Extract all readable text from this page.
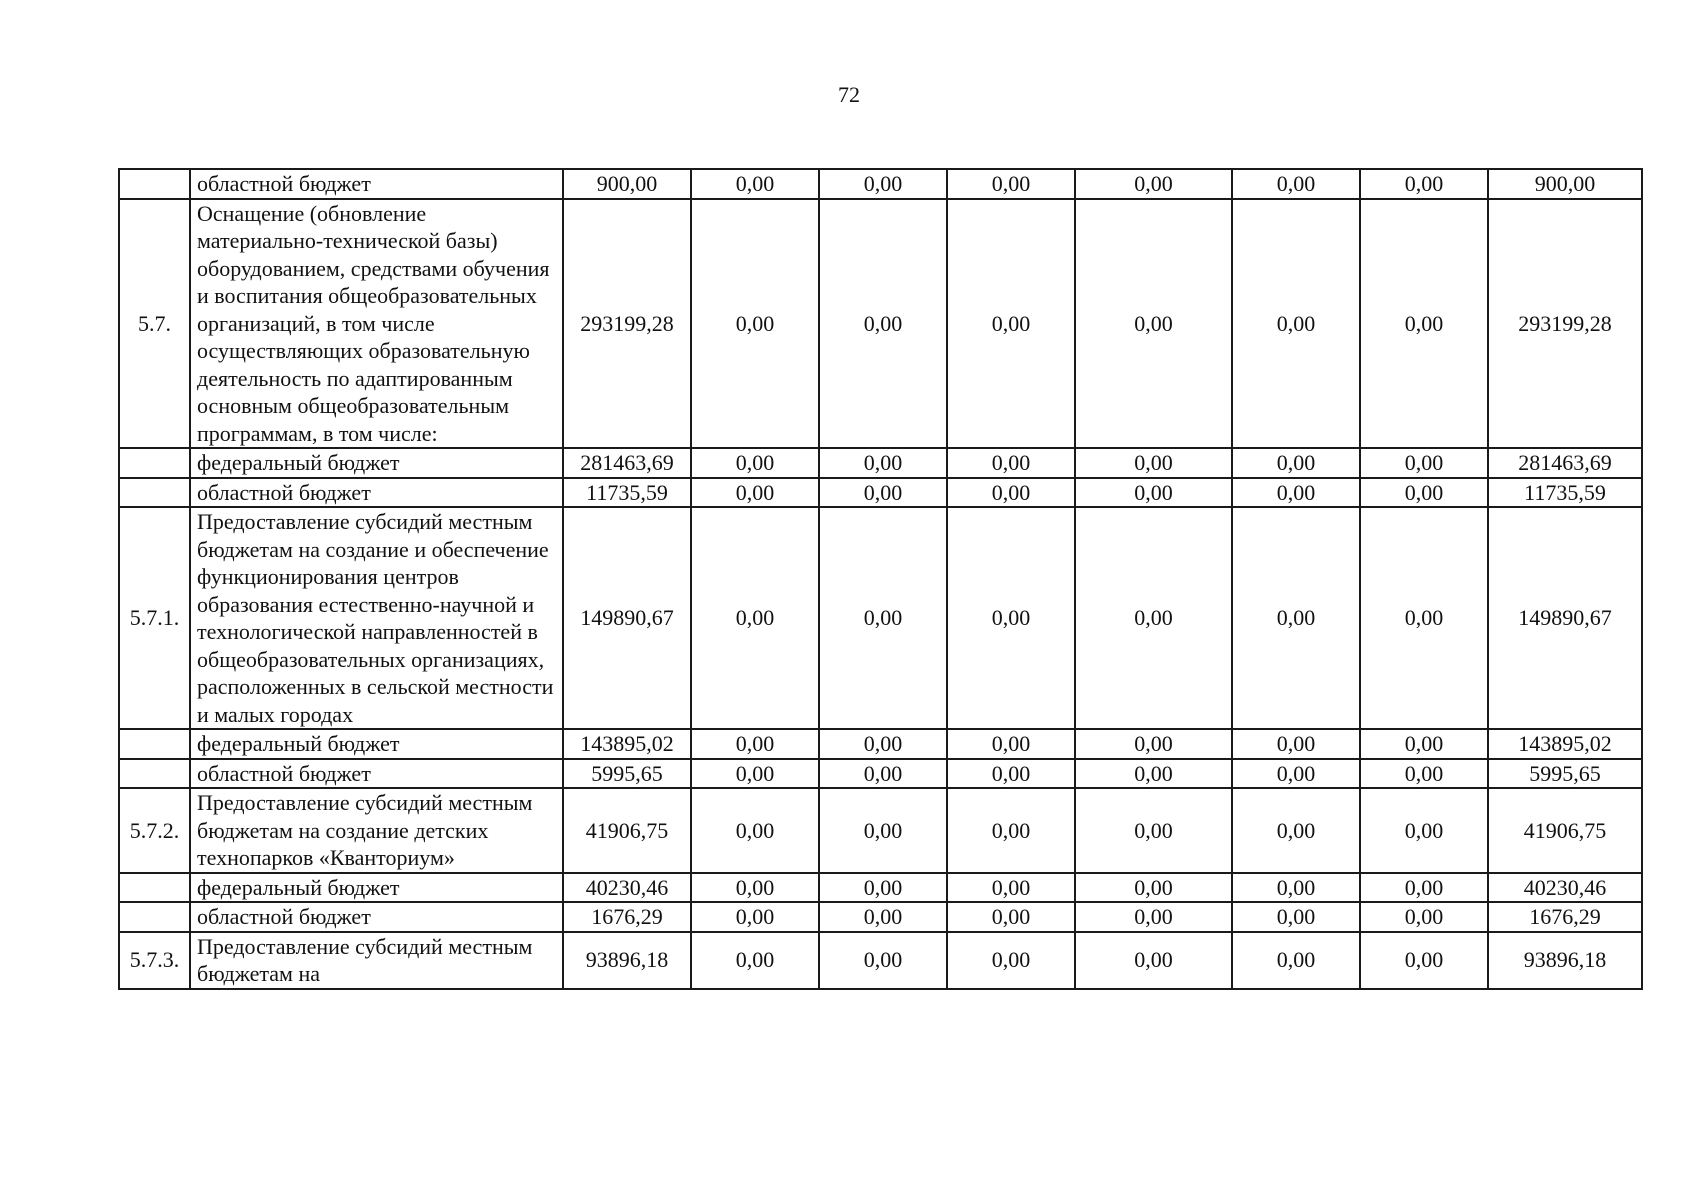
72
	областной бюджет	900,00	0,00	0,00	0,00	0,00	0,00	0,00	900,00
5.7.	Оснащение (обновление материально-технической базы) оборудованием, средствами обучения и воспитания общеобразовательных организаций, в том числе осуществляющих образовательную деятельность по адаптированным основным общеобразовательным программам, в том числе:	293199,28	0,00	0,00	0,00	0,00	0,00	0,00	293199,28
	федеральный бюджет	281463,69	0,00	0,00	0,00	0,00	0,00	0,00	281463,69
	областной бюджет	11735,59	0,00	0,00	0,00	0,00	0,00	0,00	11735,59
5.7.1.	Предоставление субсидий местным бюджетам на создание и обеспечение функционирования центров образования естественно-научной и технологической направленностей в общеобразовательных организациях, расположенных в сельской местности и малых городах	149890,67	0,00	0,00	0,00	0,00	0,00	0,00	149890,67
	федеральный бюджет	143895,02	0,00	0,00	0,00	0,00	0,00	0,00	143895,02
	областной бюджет	5995,65	0,00	0,00	0,00	0,00	0,00	0,00	5995,65
5.7.2.	Предоставление субсидий местным бюджетам на создание детских технопарков «Кванториум»	41906,75	0,00	0,00	0,00	0,00	0,00	0,00	41906,75
	федеральный бюджет	40230,46	0,00	0,00	0,00	0,00	0,00	0,00	40230,46
	областной бюджет	1676,29	0,00	0,00	0,00	0,00	0,00	0,00	1676,29
5.7.3.	Предоставление субсидий местным бюджетам на	93896,18	0,00	0,00	0,00	0,00	0,00	0,00	93896,18
